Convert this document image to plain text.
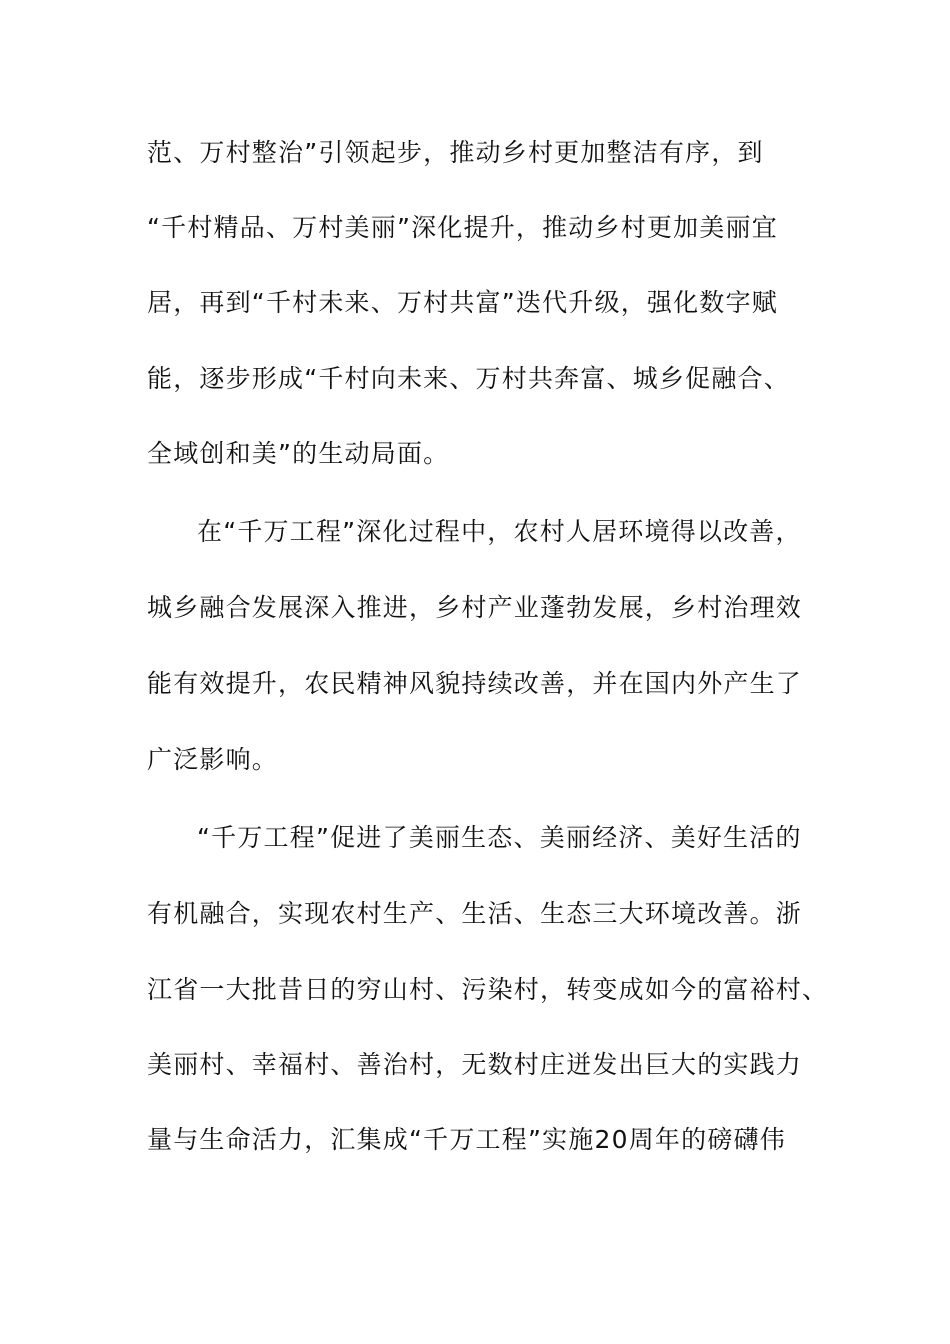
范、万村整治”引领起步，推动乡村更加整洁有序，到
“千村精品、万村美丽”深化提升，推动乡村更加美丽宜
居，再到“千村未来、万村共富”迭代升级，强化数字赋
能，逐步形成“千村向未来、万村共奔富、城乡促融合、
全域创和美”的生动局面。
在“千万工程”深化过程中，农村人居环境得以改善，
城乡融合发展深入推进，乡村产业蓬勃发展，乡村治理效
能有效提升，农民精神风貌持续改善，并在国内外产生了
广泛影响。
“千万工程”促进了美丽生态、美丽经济、美好生活的
有机融合，实现农村生产、生活、生态三大环境改善。浙
江省一大批昔日的穷山村、污染村，转变成如今的富裕村、
美丽村、幸福村、善治村，无数村庄迸发出巨大的实践力
量与生命活力，汇集成“千万工程”实施20周年的磅礴伟
